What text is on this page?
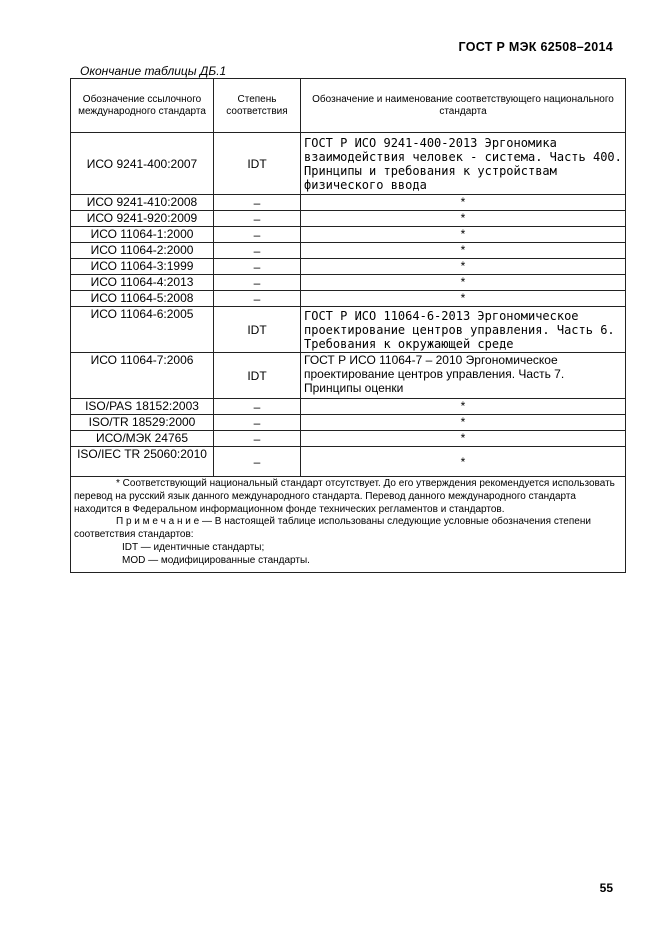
ГОСТ Р МЭК 62508–2014
Окончание таблицы ДБ.1
Обозначение ссылочного международного стандарта	Степень соответствия	Обозначение и наименование соответствующего национального стандарта
ИСО 9241-400:2007	IDT	ГОСТ Р ИСО 9241-400-2013 Эргономика взаимодействия человек - система. Часть 400. Принципы и требования к устройствам физического ввода
ИСО 9241-410:2008	–	*
ИСО 9241-920:2009	–	*
ИСО 11064-1:2000	–	*
ИСО 11064-2:2000	–	*
ИСО 11064-3:1999	–	*
ИСО 11064-4:2013	–	*
ИСО 11064-5:2008	–	*
ИСО 11064-6:2005	IDT	ГОСТ Р ИСО 11064-6-2013 Эргономическое проектирование центров управления. Часть 6. Требования к окружающей среде
ИСО 11064-7:2006	IDT	ГОСТ Р ИСО 11064-7 – 2010 Эргономическое проектирование центров управления. Часть 7. Принципы оценки
ISO/PAS 18152:2003	–	*
ISO/TR 18529:2000	–	*
ИСО/МЭК 24765	–	*
ISO/IEC TR 25060:2010	–	*

* Соответствующий национальный стандарт отсутствует. До его утверждения рекомендуется использовать перевод на русский язык данного международного стандарта. Перевод данного международного стандарта находится в Федеральном информационном фонде технических регламентов и стандартов.
П р и м е ч а н и е — В настоящей таблице использованы следующие условные обозначения степени соответствия стандартов:
IDT — идентичные стандарты;
MOD — модифицированные стандарты.		
55
